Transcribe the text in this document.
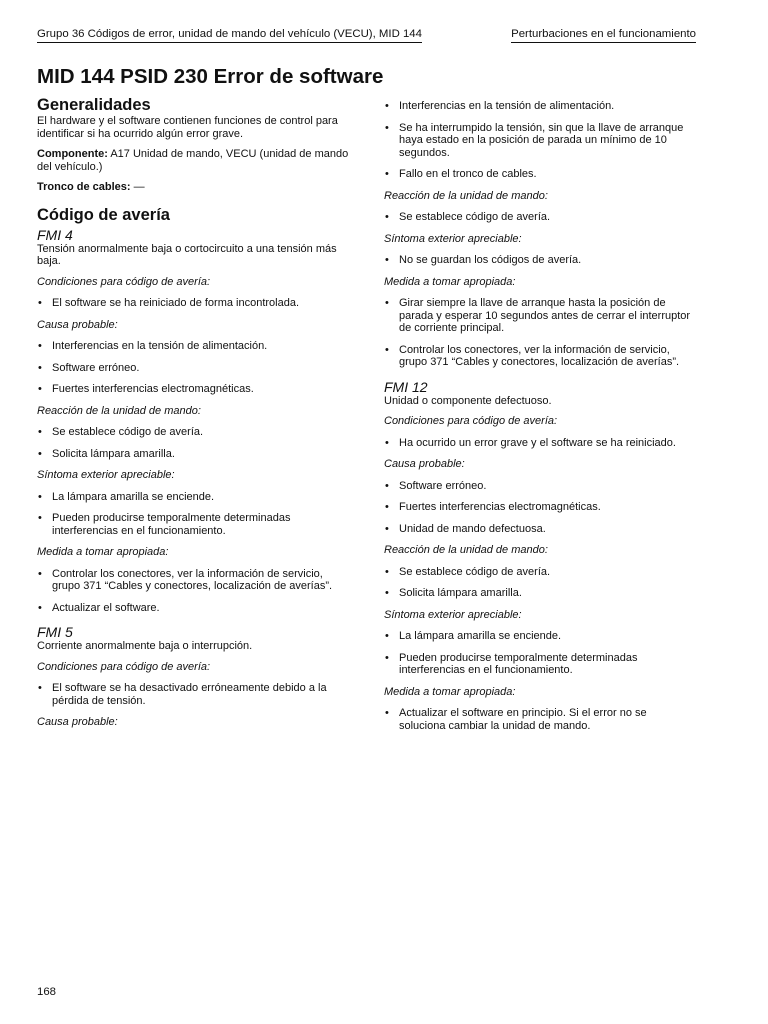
Grupo 36 Códigos de error, unidad de mando del vehículo (VECU), MID 144	Perturbaciones en el funcionamiento
MID 144 PSID 230 Error de software
Generalidades

El hardware y el software contienen funciones de control para identificar si ha ocurrido algún error grave.

Componente: A17 Unidad de mando, VECU (unidad de mando del vehículo.)

Tronco de cables: —

Código de avería
FMI 4

Tensión anormalmente baja o cortocircuito a una tensión más baja.

Condiciones para código de avería:

• El software se ha reiniciado de forma incontrolada.

Causa probable:

• Interferencias en la tensión de alimentación.
• Software erróneo.
• Fuertes interferencias electromagnéticas.

Reacción de la unidad de mando:

• Se establece código de avería.
• Solicita lámpara amarilla.

Síntoma exterior apreciable:

• La lámpara amarilla se enciende.
• Pueden producirse temporalmente determinadas interferencias en el funcionamiento.

Medida a tomar apropiada:

• Controlar los conectores, ver la información de servicio, grupo 371 “Cables y conectores, localización de averías”.
• Actualizar el software.
FMI 5

Corriente anormalmente baja o interrupción.

Condiciones para código de avería:

• El software se ha desactivado erróneamente debido a la pérdida de tensión.

Causa probable:

• Interferencias en la tensión de alimentación.
• Se ha interrumpido la tensión, sin que la llave de arranque haya estado en la posición de parada un mínimo de 10 segundos.
• Fallo en el tronco de cables.

Reacción de la unidad de mando:

• Se establece código de avería.

Síntoma exterior apreciable:

• No se guardan los códigos de avería.

Medida a tomar apropiada:

• Girar siempre la llave de arranque hasta la posición de parada y esperar 10 segundos antes de cerrar el interruptor de corriente principal.
• Controlar los conectores, ver la información de servicio, grupo 371 “Cables y conectores, localización de averías”.
FMI 12

Unidad o componente defectuoso.

Condiciones para código de avería:

• Ha ocurrido un error grave y el software se ha reiniciado.

Causa probable:

• Software erróneo.
• Fuertes interferencias electromagnéticas.
• Unidad de mando defectuosa.

Reacción de la unidad de mando:

• Se establece código de avería.
• Solicita lámpara amarilla.

Síntoma exterior apreciable:

• La lámpara amarilla se enciende.
• Pueden producirse temporalmente determinadas interferencias en el funcionamiento.

Medida a tomar apropiada:

• Actualizar el software en principio. Si el error no se soluciona cambiar la unidad de mando.
168
